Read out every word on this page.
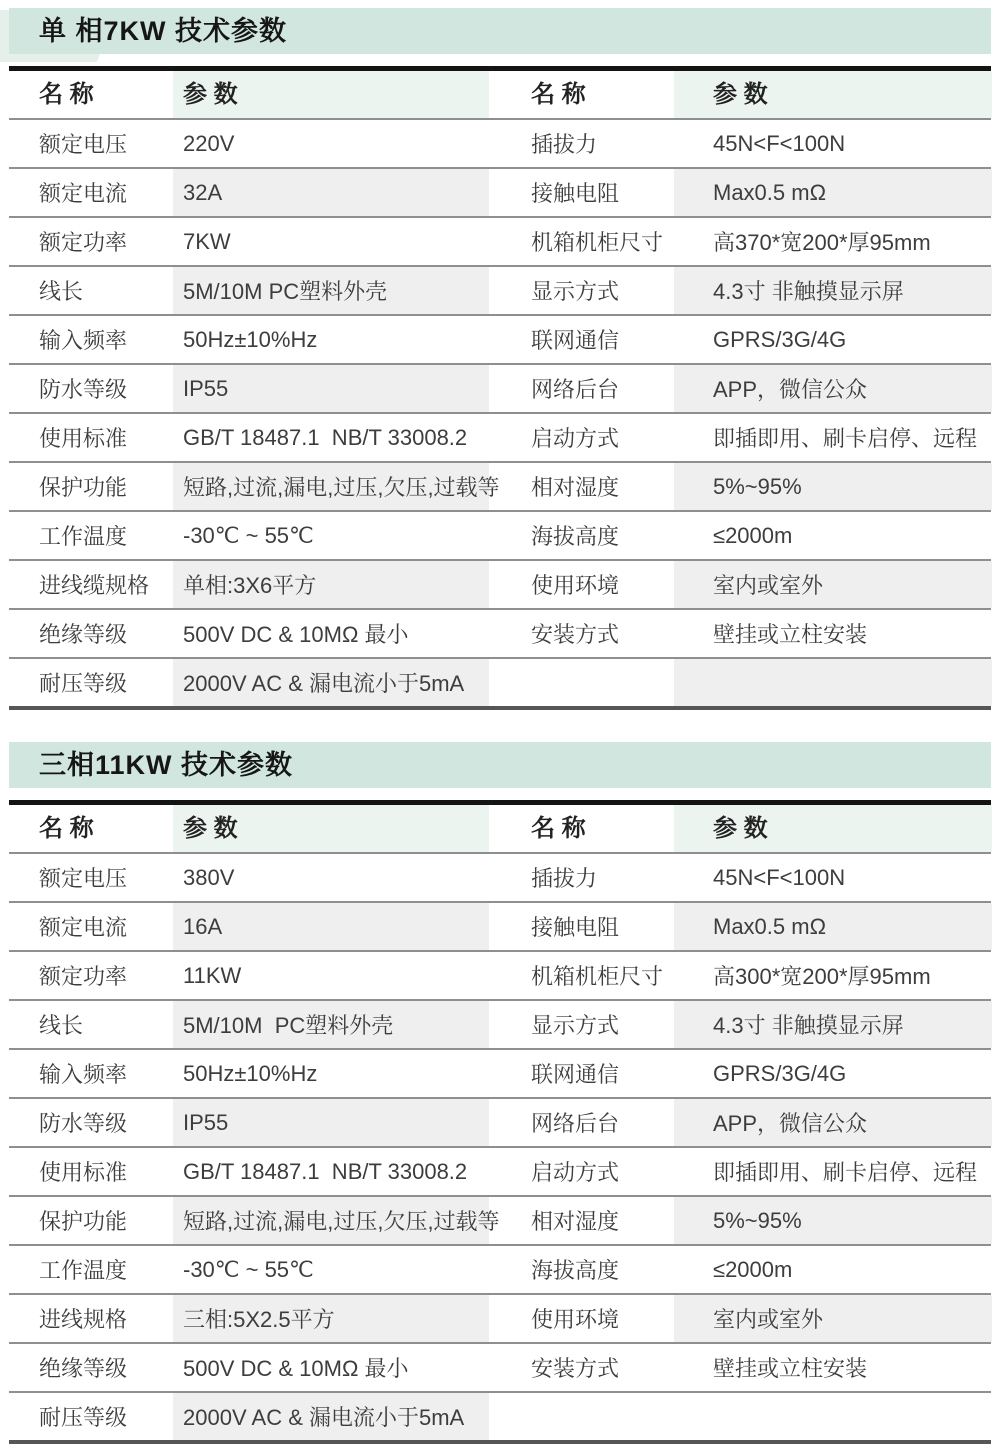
单 相7KW 技术参数
名 称	参 数	名 称	参 数
额定电压	220V	插拔力	45N<F<100N
额定电流	32A	接触电阻	Max0.5 mΩ
额定功率	7KW	机箱机柜尺寸	高370*宽200*厚95mm
线长	5M/10M PC塑料外壳	显示方式	4.3寸 非触摸显示屏
输入频率	50Hz±10%Hz	联网通信	GPRS/3G/4G
防水等级	IP55	网络后台	APP，微信公众
使用标准	GB/T 18487.1  NB/T 33008.2	启动方式	即插即用、刷卡启停、远程
保护功能	短路,过流,漏电,过压,欠压,过载等	相对湿度	5%~95%
工作温度	-30℃ ~ 55℃	海拔高度	≤2000m
进线缆规格	单相:3X6平方	使用环境	室内或室外
绝缘等级	500V DC & 10MΩ 最小	安装方式	壁挂或立柱安装
耐压等级	2000V AC & 漏电流小于5mA
三相11KW 技术参数
名 称	参 数	名 称	参 数
额定电压	380V	插拔力	45N<F<100N
额定电流	16A	接触电阻	Max0.5 mΩ
额定功率	11KW	机箱机柜尺寸	高300*宽200*厚95mm
线长	5M/10M  PC塑料外壳	显示方式	4.3寸 非触摸显示屏
输入频率	50Hz±10%Hz	联网通信	GPRS/3G/4G
防水等级	IP55	网络后台	APP，微信公众
使用标准	GB/T 18487.1  NB/T 33008.2	启动方式	即插即用、刷卡启停、远程
保护功能	短路,过流,漏电,过压,欠压,过载等	相对湿度	5%~95%
工作温度	-30℃ ~ 55℃	海拔高度	≤2000m
进线规格	三相:5X2.5平方	使用环境	室内或室外
绝缘等级	500V DC & 10MΩ 最小	安装方式	壁挂或立柱安装
耐压等级	2000V AC & 漏电流小于5mA
